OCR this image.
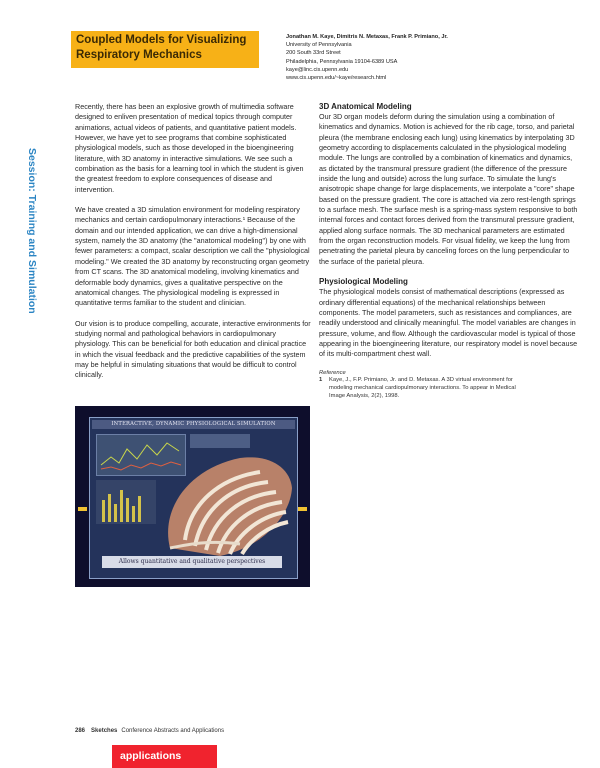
Coupled Models for Visualizing
Respiratory Mechanics
Jonathan M. Kaye, Dimitris N. Metaxas, Frank P. Primiano, Jr.
University of Pennsylvania
200 South 33rd Street
Philadelphia, Pennsylvania 19104-6389 USA
kaye@linc.cis.upenn.edu
www.cis.upenn.edu/~kaye/research.html
Session: Training and Simulation

Recently, there has been an explosive growth of multimedia software designed to enliven presentation of medical topics through computer animations, actual videos of patients, and quantitative patient models. However, we have yet to see programs that combine sophisticated physiological models, such as those developed in the bioengineering literature, with 3D anatomy in interactive simulations. We see such a combination as the basis for a learning tool in which the student is given the greatest freedom to explore consequences of disease and intervention.

We have created a 3D simulation environment for modeling respiratory mechanics and certain cardiopulmonary interactions.¹ Because of the domain and our intended application, we can drive a high-dimensional system, namely the 3D anatomy (the "anatomical modeling") by one with fewer parameters: a compact, scalar description we call the "physiological modeling." We created the 3D anatomy by reconstructing organ geometry from CT scans. The 3D anatomical modeling, involving kinematics and deformable body dynamics, gives a qualitative perspective on the anatomical changes. The physiological modeling is expressed in quantitative terms familiar to the student and clinician.

Our vision is to produce compelling, accurate, interactive environments for studying normal and pathological behaviors in cardiopulmonary physiology. This can be beneficial for both education and clinical practice in which the visual feedback and the predictive capabilities of the system may be helpful in simulating situations that would be difficult to control clinically.

INTERACTIVE, DYNAMIC PHYSIOLOGICAL SIMULATION
Allows quantitative and qualitative perspectives
3D Anatomical Modeling

Our 3D organ models deform during the simulation using a combination of kinematics and dynamics. Motion is achieved for the rib cage, torso, and parietal pleura (the membrane enclosing each lung) using kinematics by interpolating 3D geometry according to displacements calculated in the physiological modeling module. The lungs are controlled by a combination of kinematics and dynamics, as dictated by the transmural pressure gradient (the difference of the pressure inside the lung and outside) across the lung surface. To simulate the lung's anisotropic shape change for large displacements, we interpolate a "core" shape based on the pressure gradient. The core is attached via zero rest-length springs to a surface mesh. The surface mesh is a spring-mass system responsive to both internal forces and contact forces derived from the transmural pressure gradient, applied along surface normals. The 3D mechanical parameters are estimated from the organ reconstruction models. For visual fidelity, we keep the lung from penetrating the parietal pleura by canceling forces on the lung perpendicular to the surface of the parietal pleura.

Physiological Modeling

The physiological models consist of mathematical descriptions (expressed as ordinary differential equations) of the mechanical relationships between components. The model parameters, such as resistances and compliances, are readily understood and clinically meaningful. The model variables are changes in pressure, volume, and flow. Although the cardiovascular model is typical of those appearing in the bioengineering literature, our respiratory model is novel because of its multi-compartment chest wall.

Reference
1	Kaye, J., F.P. Primiano, Jr. and D. Metaxas. A 3D virtual environment for modeling mechanical cardiopulmonary interactions. To appear in Medical Image Analysis, 2(2), 1998.
286 Sketches Conference Abstracts and Applications
applications
